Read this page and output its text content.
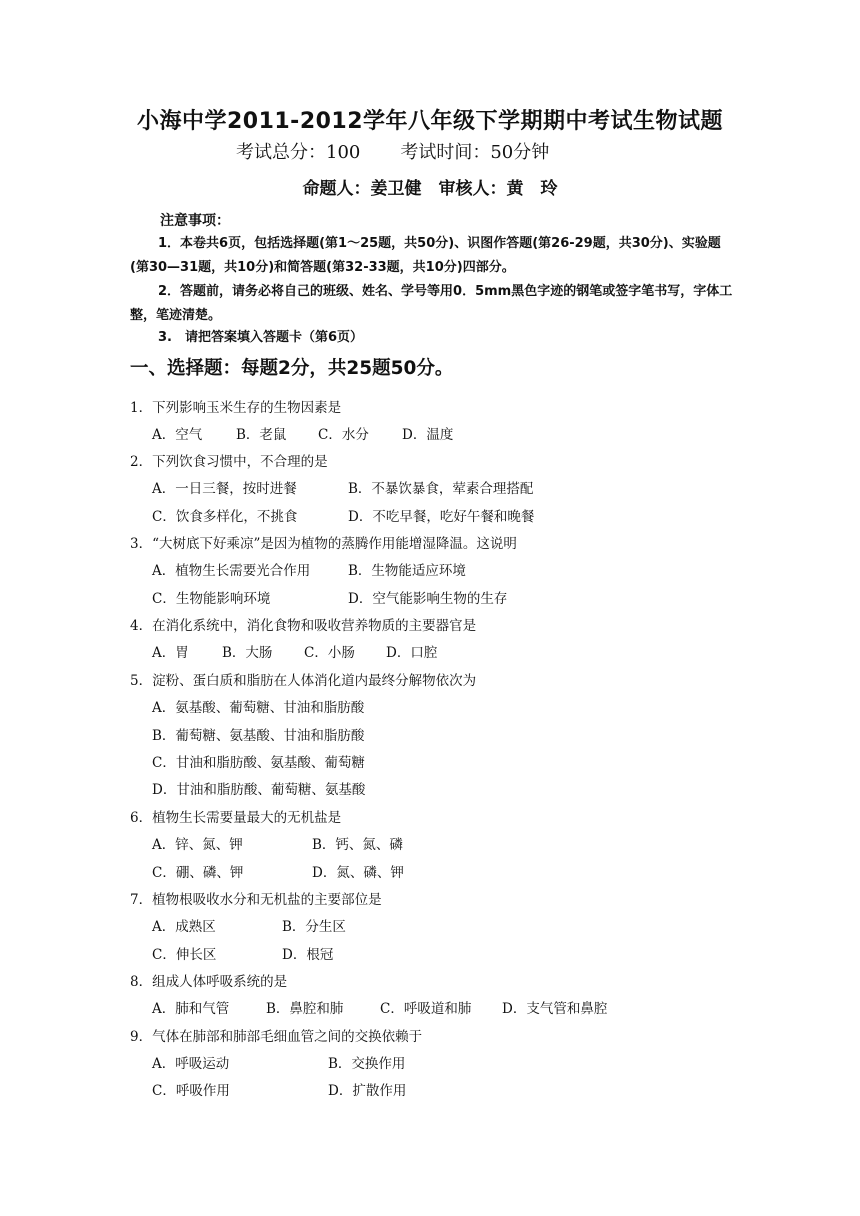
小海中学2011-2012学年八年级下学期期中考试生物试题
考试总分：100 考试时间：50分钟
命题人：姜卫健　审核人：黄　玲
注意事项：
1．本卷共6页，包括选择题(第1～25题，共50分)、识图作答题(第26-29题，共30分)、实验题(第30—31题，共10分)和简答题(第32-33题，共10分)四部分。
2．答题前，请务必将自己的班级、姓名、学号等用0．5mm黑色字迹的钢笔或签字笔书写，字体工整，笔迹清楚。
3.　请把答案填入答题卡（第6页）
一、选择题：每题2分，共25题50分。
1．下列影响玉米生存的生物因素是
A．空气	B．老鼠 C．水分 D．温度
2．下列饮食习惯中，不合理的是
A．一日三餐，按时进餐	B．不暴饮暴食，荤素合理搭配
C．饮食多样化，不挑食	D．不吃早餐，吃好午餐和晚餐
3．“大树底下好乘凉”是因为植物的蒸腾作用能增湿降温。这说明
A．植物生长需要光合作用	B．生物能适应环境
C．生物能影响环境	D．空气能影响生物的生存
4．在消化系统中，消化食物和吸收营养物质的主要器官是
A．胃 B．大肠 C．小肠 D．口腔
5．淀粉、蛋白质和脂肪在人体消化道内最终分解物依次为
A．氨基酸、葡萄糖、甘油和脂肪酸
B．葡萄糖、氨基酸、甘油和脂肪酸
C．甘油和脂肪酸、氨基酸、葡萄糖
D．甘油和脂肪酸、葡萄糖、氨基酸
6．植物生长需要量最大的无机盐是
A．锌、氮、钾	B．钙、氮、磷
C．硼、磷、钾	D．氮、磷、钾
7．植物根吸收水分和无机盐的主要部位是
A．成熟区	B．分生区
C．伸长区	D．根冠
8．组成人体呼吸系统的是
A．肺和气管	B．鼻腔和肺	C．呼吸道和肺 D．支气管和鼻腔
9．气体在肺部和肺部毛细血管之间的交换依赖于
A．呼吸运动	B．交换作用
C．呼吸作用	D．扩散作用
